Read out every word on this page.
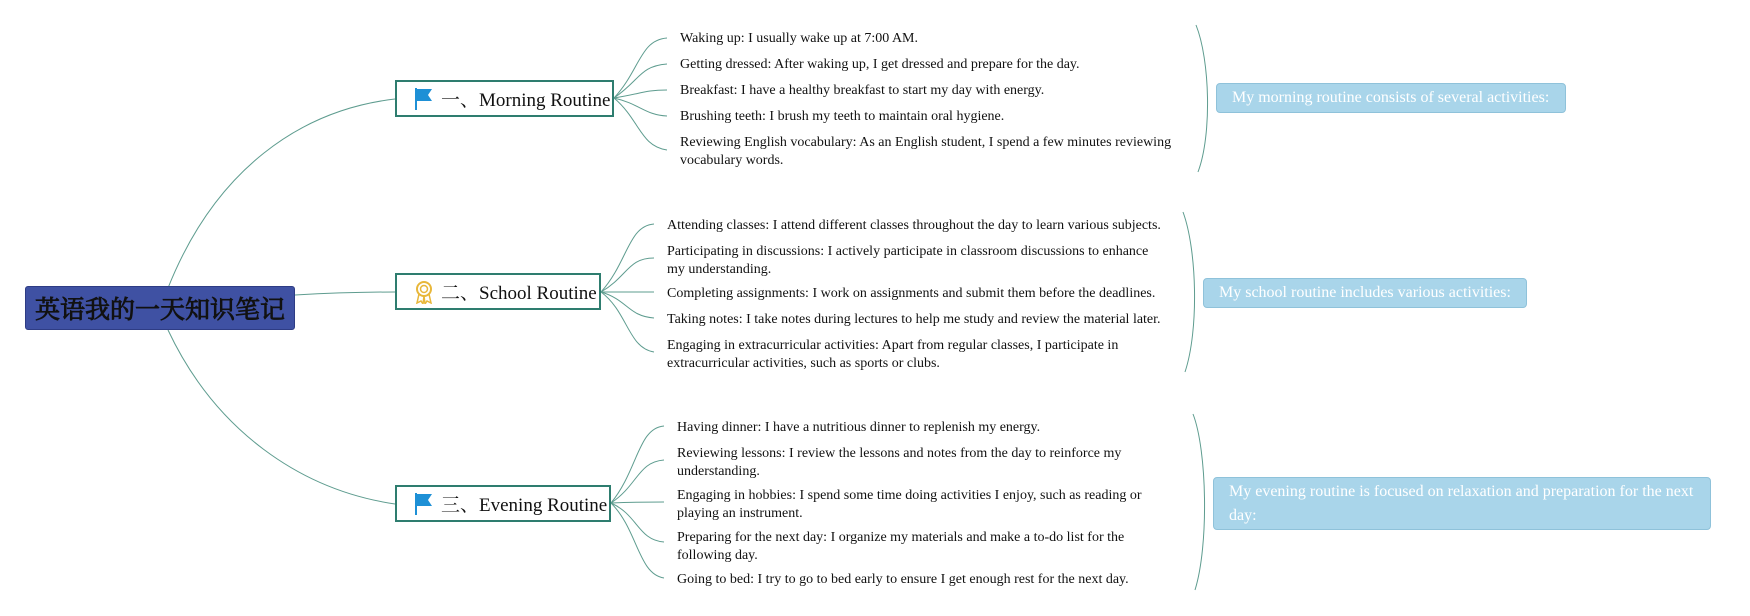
英语我的一天知识笔记
一、Morning Routine
二、School Routine
三、Evening Routine
Waking up: I usually wake up at 7:00 AM.
Getting dressed: After waking up, I get dressed and prepare for the day.
Breakfast: I have a healthy breakfast to start my day with energy.
Brushing teeth: I brush my teeth to maintain oral hygiene.
Reviewing English vocabulary: As an English student, I spend a few minutes reviewing vocabulary words.
Attending classes: I attend different classes throughout the day to learn various subjects.
Participating in discussions: I actively participate in classroom discussions to enhance my understanding.
Completing assignments: I work on assignments and submit them before the deadlines.
Taking notes: I take notes during lectures to help me study and review the material later.
Engaging in extracurricular activities: Apart from regular classes, I participate in extracurricular activities, such as sports or clubs.
Having dinner: I have a nutritious dinner to replenish my energy.
Reviewing lessons: I review the lessons and notes from the day to reinforce my understanding.
Engaging in hobbies: I spend some time doing activities I enjoy, such as reading or playing an instrument.
Preparing for the next day: I organize my materials and make a to-do list for the following day.
Going to bed: I try to go to bed early to ensure I get enough rest for the next day.
My morning routine consists of several activities:
My school routine includes various activities:
My evening routine is focused on relaxation and preparation for the next day:
